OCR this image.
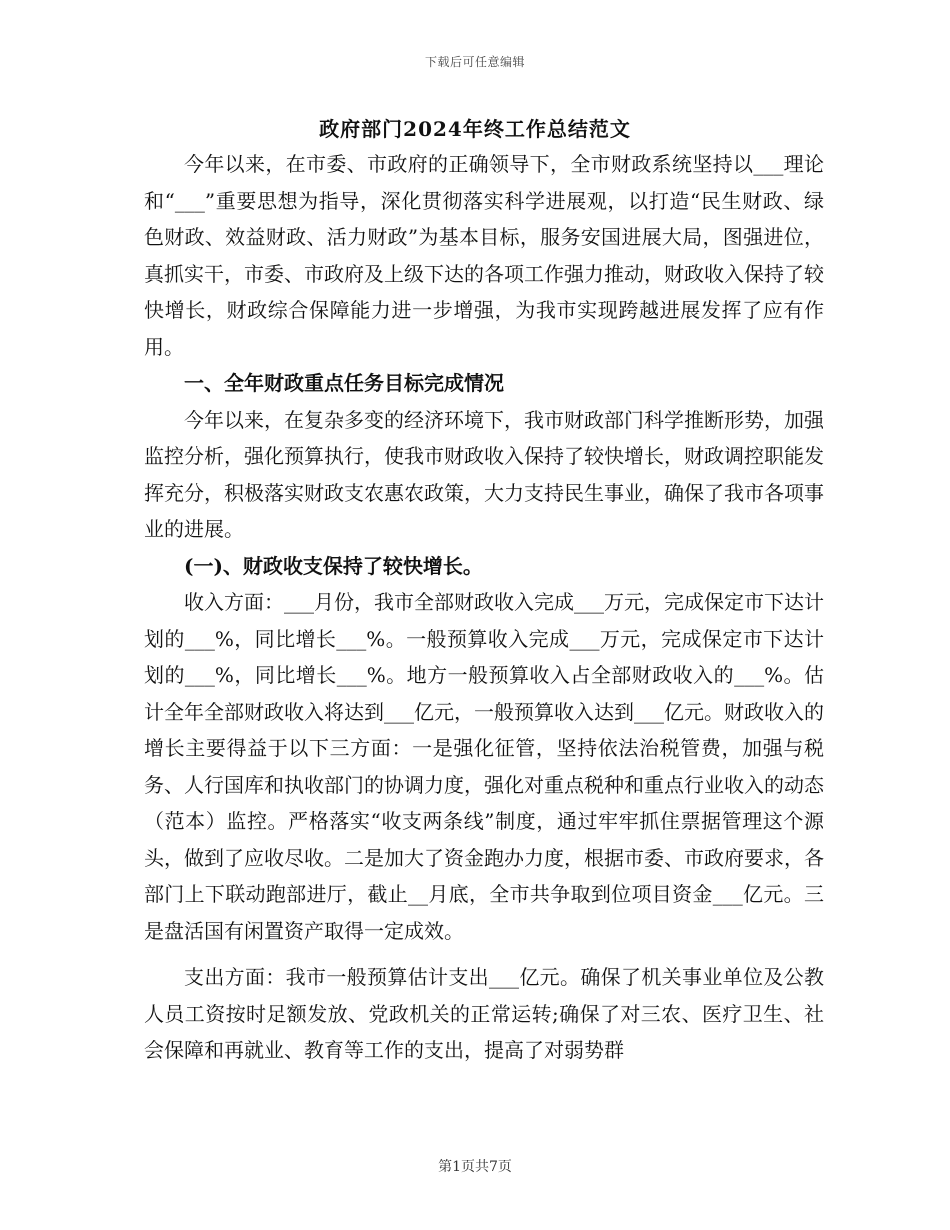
下载后可任意编辑
政府部门2024年终工作总结范文

今年以来，在市委、市政府的正确领导下，全市财政系统坚持以___理论和“___”重要思想为指导，深化贯彻落实科学进展观，以打造“民生财政、绿色财政、效益财政、活力财政”为基本目标，服务安国进展大局，图强进位，真抓实干，市委、市政府及上级下达的各项工作强力推动，财政收入保持了较快增长，财政综合保障能力进一步增强，为我市实现跨越进展发挥了应有作用。

一、全年财政重点任务目标完成情况

今年以来，在复杂多变的经济环境下，我市财政部门科学推断形势，加强监控分析，强化预算执行，使我市财政收入保持了较快增长，财政调控职能发挥充分，积极落实财政支农惠农政策，大力支持民生事业，确保了我市各项事业的进展。

(一)、财政收支保持了较快增长。

收入方面：___月份，我市全部财政收入完成___万元，完成保定市下达计划的___%，同比增长___%。一般预算收入完成___万元，完成保定市下达计划的___%，同比增长___%。地方一般预算收入占全部财政收入的___%。估计全年全部财政收入将达到___亿元，一般预算收入达到___亿元。财政收入的增长主要得益于以下三方面：一是强化征管，坚持依法治税管费，加强与税务、人行国库和执收部门的协调力度，强化对重点税种和重点行业收入的动态（范本）监控。严格落实“收支两条线”制度，通过牢牢抓住票据管理这个源头，做到了应收尽收。二是加大了资金跑办力度，根据市委、市政府要求，各部门上下联动跑部进厅，截止__月底，全市共争取到位项目资金___亿元。三是盘活国有闲置资产取得一定成效。

支出方面：我市一般预算估计支出___亿元。确保了机关事业单位及公教人员工资按时足额发放、党政机关的正常运转;确保了对三农、医疗卫生、社会保障和再就业、教育等工作的支出，提高了对弱势群

第1页共7页
